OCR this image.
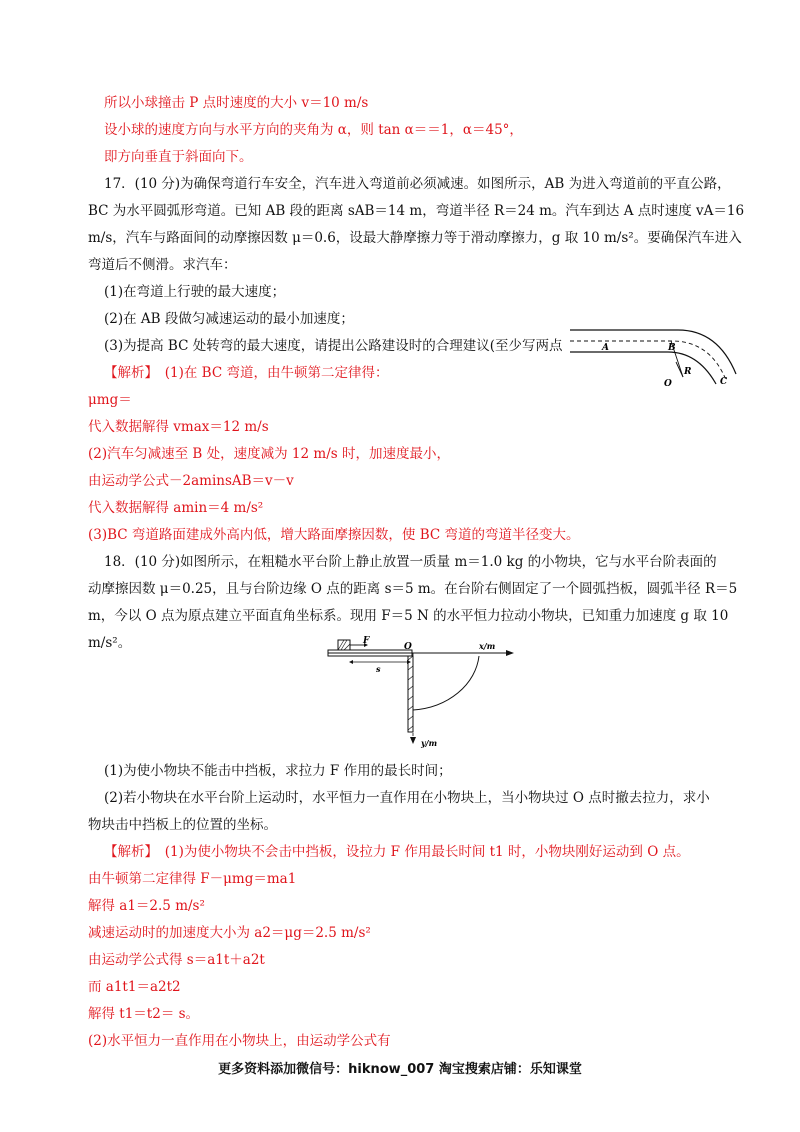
所以小球撞击 P 点时速度的大小 v＝10 m/s
设小球的速度方向与水平方向的夹角为 α，则 tan α＝＝1，α＝45°，
即方向垂直于斜面向下。
17．(10 分)为确保弯道行车安全，汽车进入弯道前必须减速。如图所示，AB 为进入弯道前的平直公路，
BC 为水平圆弧形弯道。已知 AB 段的距离 sAB＝14 m，弯道半径 R＝24 m。汽车到达 A 点时速度 vA＝16
m/s，汽车与路面间的动摩擦因数 μ＝0.6，设最大静摩擦力等于滑动摩擦力，g 取 10 m/s²。要确保汽车进入
弯道后不侧滑。求汽车：
(1)在弯道上行驶的最大速度；
(2)在 AB 段做匀减速运动的最小加速度；
(3)为提高 BC 处转弯的最大速度，请提出公路建设时的合理建议(至少写两点
【解析】　(1)在 BC 弯道，由牛顿第二定律得：
μmg＝
代入数据解得 vmax＝12 m/s
(2)汽车匀减速至 B 处，速度减为 12 m/s 时，加速度最小，
由运动学公式－2aminsAB＝v－v
代入数据解得 amin＝4 m/s²
(3)BC 弯道路面建成外高内低，增大路面摩擦因数，使 BC 弯道的弯道半径变大。
18．(10 分)如图所示，在粗糙水平台阶上静止放置一质量 m＝1.0 kg 的小物块，它与水平台阶表面的
动摩擦因数 μ＝0.25，且与台阶边缘 O 点的距离 s＝5 m。在台阶右侧固定了一个圆弧挡板，圆弧半径 R＝5
m，今以 O 点为原点建立平面直角坐标系。现用 F＝5 N 的水平恒力拉动小物块，已知重力加速度 g 取 10
m/s²。
(1)为使小物块不能击中挡板，求拉力 F 作用的最长时间；
(2)若小物块在水平台阶上运动时，水平恒力一直作用在小物块上，当小物块过 O 点时撤去拉力，求小
物块击中挡板上的位置的坐标。
【解析】　(1)为使小物块不会击中挡板，设拉力 F 作用最长时间 t1 时，小物块刚好运动到 O 点。
由牛顿第二定律得 F－μmg＝ma1
解得 a1＝2.5 m/s²
减速运动时的加速度大小为 a2＝μg＝2.5 m/s²
由运动学公式得 s＝a1t＋a2t
而 a1t1＝a2t2
解得 t1＝t2＝ s。
(2)水平恒力一直作用在小物块上，由运动学公式有
A	B
O
R
C
F
O	x/m
s
y/m
更多资料添加微信号：hiknow_007 淘宝搜索店铺：乐知课堂
